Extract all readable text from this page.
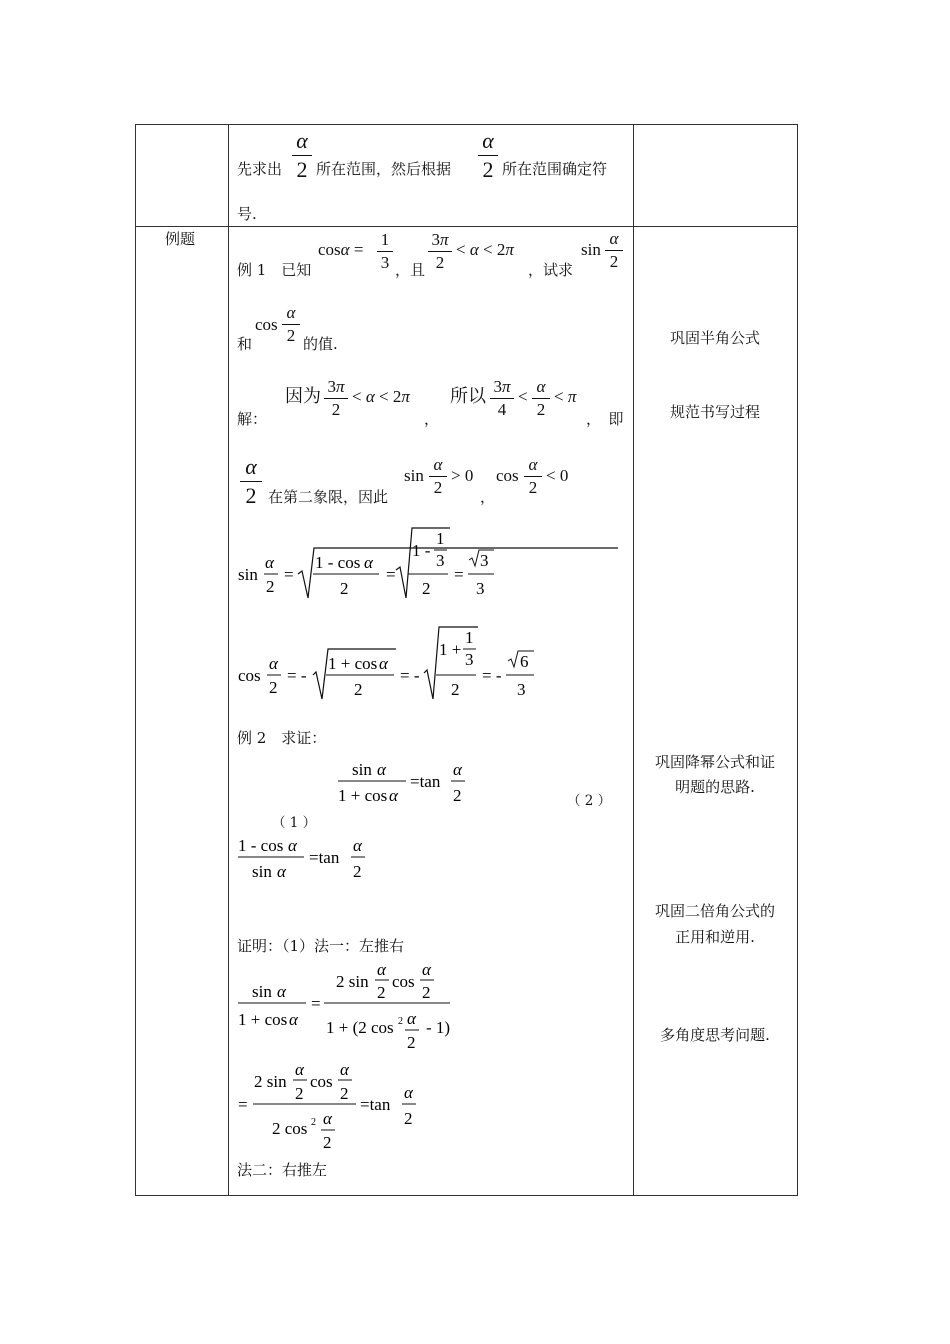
α
2
先求出 所在范围，然后根据
α
2 所在范围确定符
号.
例题
例 1　已知
cosα =
1
3 ，且
3π
2
< α < 2π
，试求
sin
α
2
和
cos
α
2 的值.
解：
因为 3π
2
< α < 2π
，
所以 3π
4
<
α
2
< π
，　即
α
2 在第二象限，因此
sin
α
2
> 0
，
cos
α
2
< 0
sin
α
2
=
1 - cos α
2
=
1 -
1
3
2
=
3
3
cos
α
2
= -
1 + cos α
2
= -
1 +
1
3
2
= -
6
3
例 2　求证：
sin α
1 + cos α
=tan
α
2	（ 2 ）
（ 1 ）
1 - cos α
sin α
=tan
α
2
证明：（1）法一：左推右
sin α
1 + cos α
=
2 sin
α
2
cos
α
2
1 + (2 cos 2 α
2
- 1)
=
2 sin
α
2
cos
α
2
2 cos 2 α
2
=tan
α
2
法二：右推左
巩固半角公式
规范书写过程
巩固降幂公式和证
明题的思路.
巩固二倍角公式的
正用和逆用.
多角度思考问题.
